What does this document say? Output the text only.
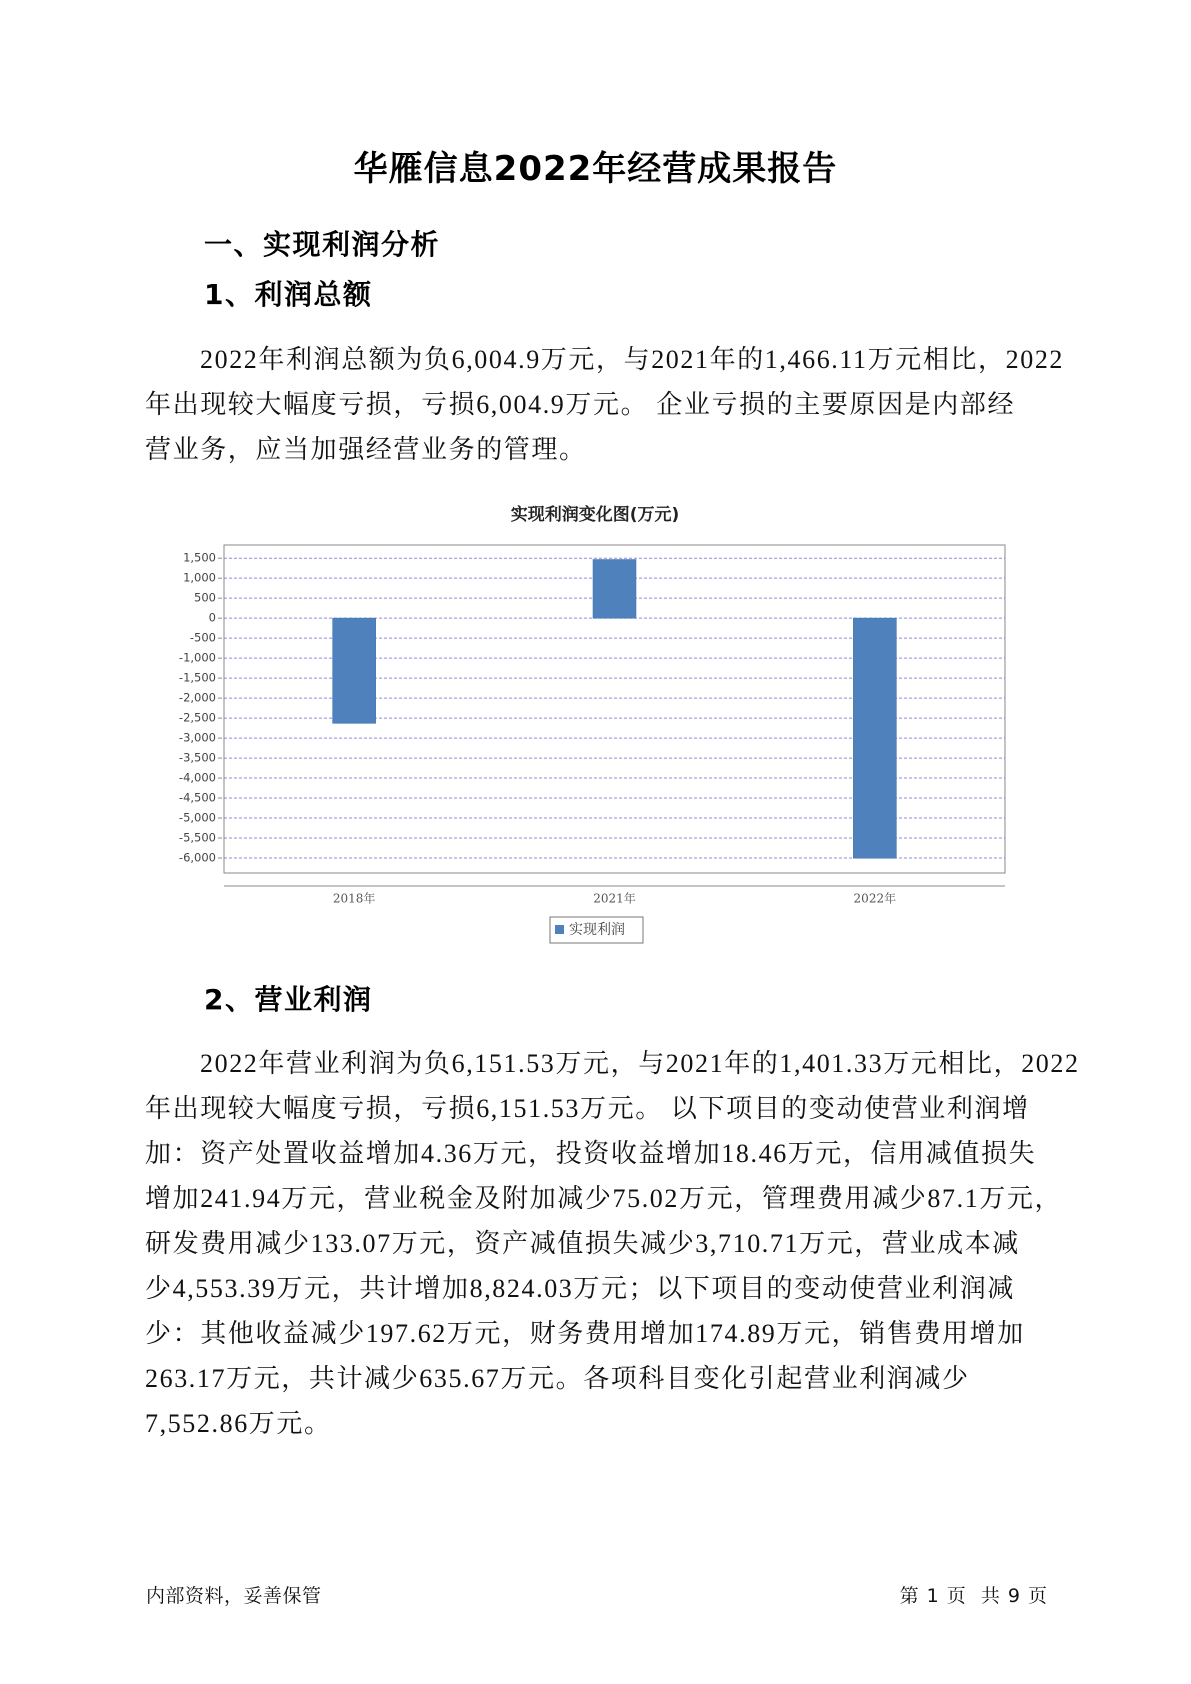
华雁信息2022年经营成果报告
一、实现利润分析
1、利润总额
2022年利润总额为负6,004.9万元，与2021年的1,466.11万元相比，2022
年出现较大幅度亏损，亏损6,004.9万元。 企业亏损的主要原因是内部经
营业务，应当加强经营业务的管理。
实现利润变化图(万元)
-6,000
-5,500
-5,000
-4,500
-4,000
-3,500
-3,000
-2,500
-2,000
-1,500
-1,000
-500
0
500
1,000
1,500
2018年	2021年	2022年
实现利润
2、营业利润
2022年营业利润为负6,151.53万元，与2021年的1,401.33万元相比，2022
年出现较大幅度亏损，亏损6,151.53万元。 以下项目的变动使营业利润增
加：资产处置收益增加4.36万元，投资收益增加18.46万元，信用减值损失
增加241.94万元，营业税金及附加减少75.02万元，管理费用减少87.1万元，
研发费用减少133.07万元，资产减值损失减少3,710.71万元，营业成本减
少4,553.39万元，共计增加8,824.03万元；以下项目的变动使营业利润减
少：其他收益减少197.62万元，财务费用增加174.89万元，销售费用增加
263.17万元，共计减少635.67万元。各项科目变化引起营业利润减少
7,552.86万元。
内部资料，妥善保管	第 1 页  共 9 页
